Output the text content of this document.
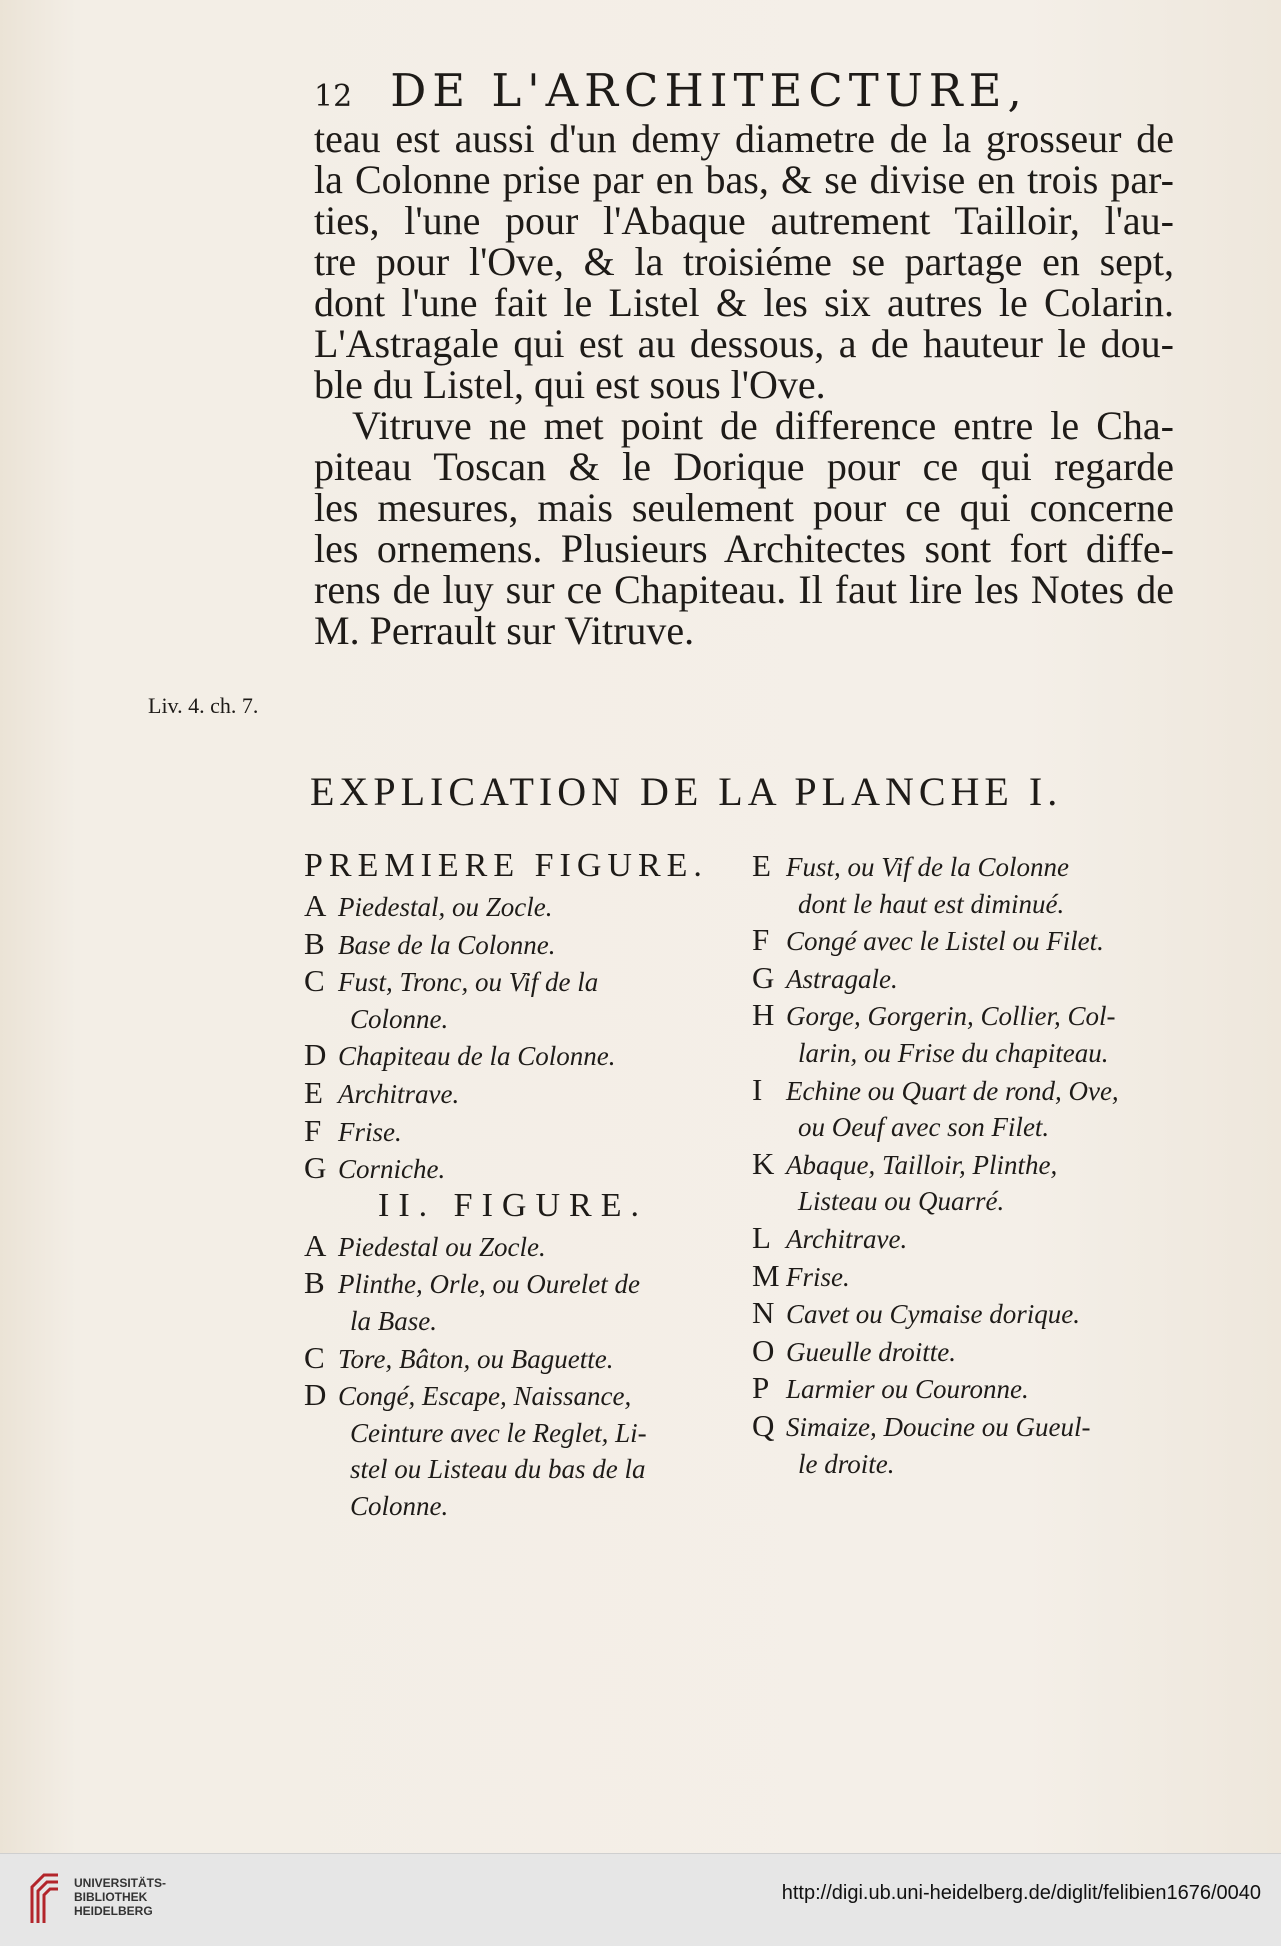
12 DE L'ARCHITECTURE,
teau est aussi d'un demy diametre de la grosseur de
la Colonne prise par en bas, & se divise en trois par-
ties, l'une pour l'Abaque autrement Tailloir, l'au-
tre pour l'Ove, & la troisiéme se partage en sept,
dont l'une fait le Listel & les six autres le Colarin.
L'Astragale qui est au dessous, a de hauteur le dou-
ble du Listel, qui est sous l'Ove.
Vitruve ne met point de difference entre le Cha-
piteau Toscan & le Dorique pour ce qui regarde
les mesures, mais seulement pour ce qui concerne
les ornemens. Plusieurs Architectes sont fort diffe-
rens de luy sur ce Chapiteau. Il faut lire les Notes de
M. Perrault sur Vitruve.
Liv. 4. ch. 7.
EXPLICATION DE LA PLANCHE I.
PREMIERE FIGURE.
A Piedestal, ou Zocle.
B Base de la Colonne.
C Fust, Tronc, ou Vif de la
Colonne.
D Chapiteau de la Colonne.
E Architrave.
F Frise.
G Corniche.
II. FIGURE.
A Piedestal ou Zocle.
B Plinthe, Orle, ou Ourelet de
la Base.
C Tore, Bâton, ou Baguette.
D Congé, Escape, Naissance,
Ceinture avec le Reglet, Li-
stel ou Listeau du bas de la
Colonne.
E Fust, ou Vif de la Colonne
dont le haut est diminué.
F Congé avec le Listel ou Filet.
G Astragale.
H Gorge, Gorgerin, Collier, Col-
larin, ou Frise du chapiteau.
I Echine ou Quart de rond, Ove,
ou Oeuf avec son Filet.
K Abaque, Tailloir, Plinthe,
Listeau ou Quarré.
L Architrave.
M Frise.
N Cavet ou Cymaise dorique.
O Gueulle droitte.
P Larmier ou Couronne.
Q Simaize, Doucine ou Gueul-
le droite.
UNIVERSITÄTS-
BIBLIOTHEK
HEIDELBERG
http://digi.ub.uni-heidelberg.de/diglit/felibien1676/0040
